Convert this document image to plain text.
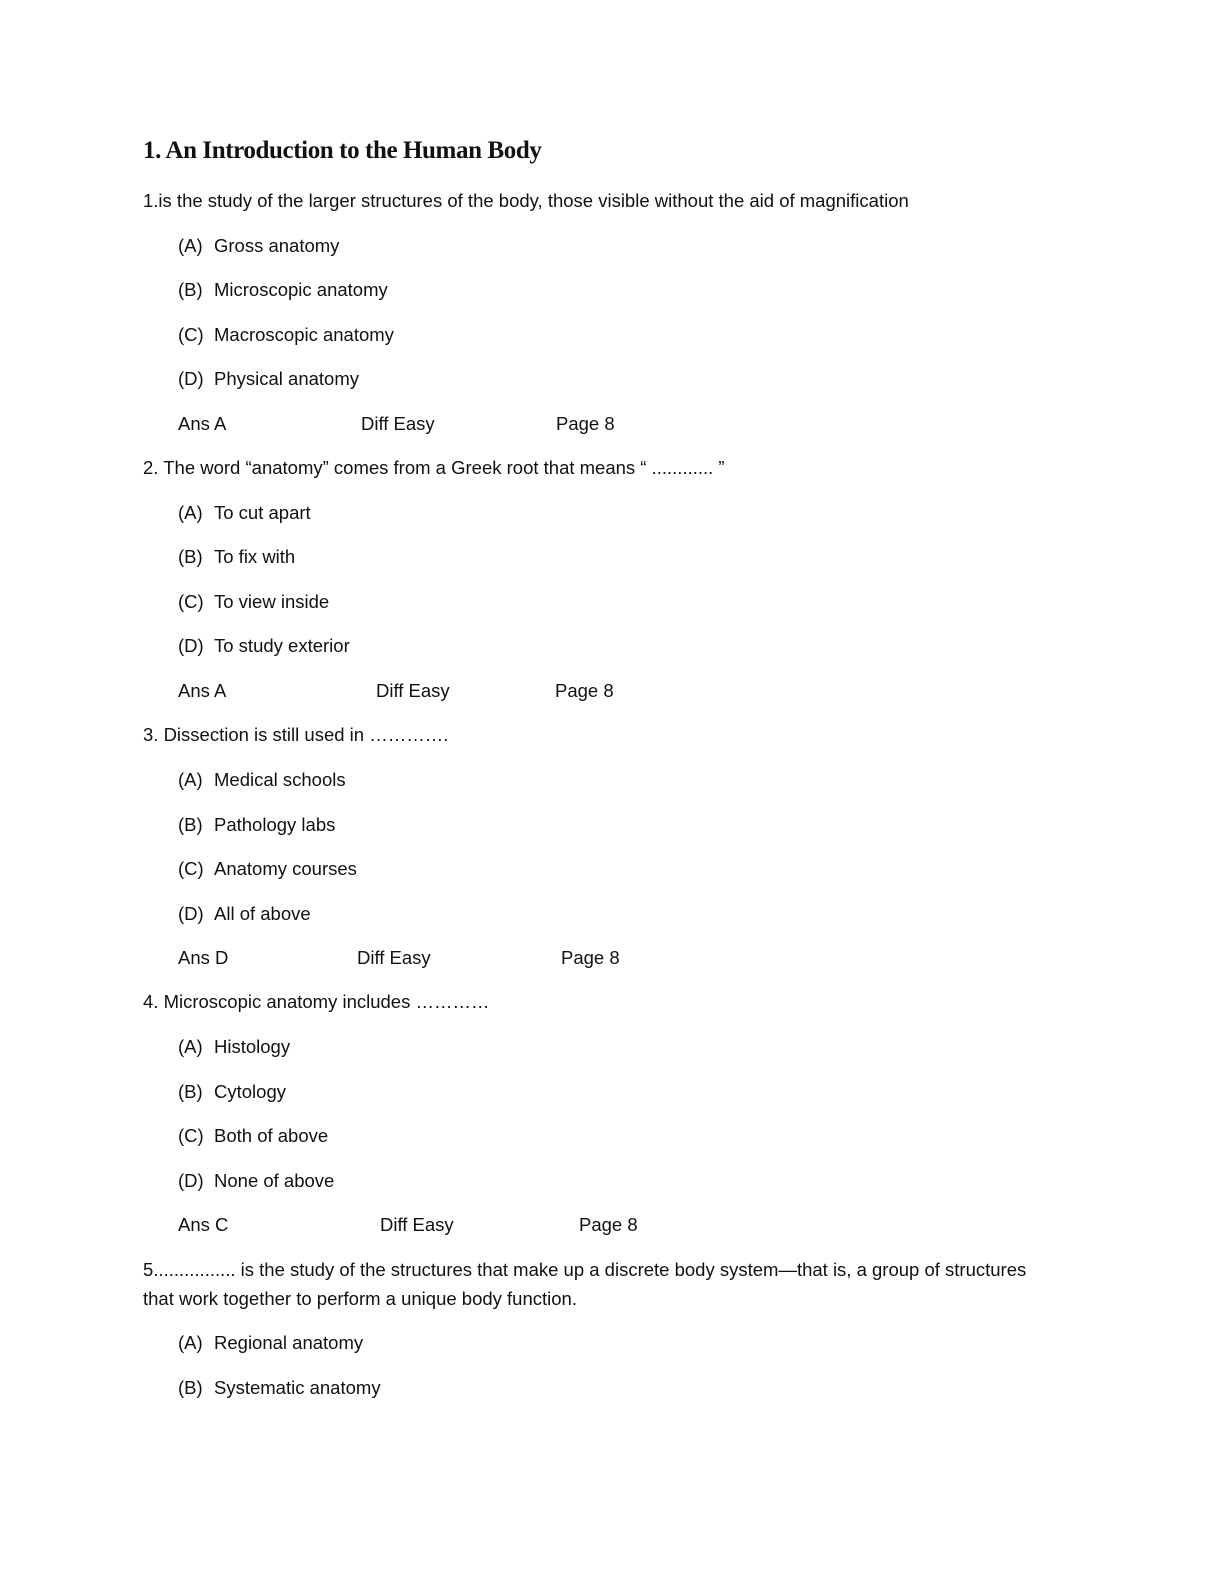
1. An Introduction to the Human Body
1.is the study of the larger structures of the body, those visible without the aid of magnification
(A) Gross anatomy
(B) Microscopic anatomy
(C) Macroscopic anatomy
(D) Physical anatomy
Ans A	Diff Easy	Page 8
2. The word “anatomy” comes from a Greek root that means “ ............ ”
(A) To cut apart
(B) To fix with
(C) To view inside
(D) To study exterior
Ans A	Diff Easy	Page 8
3. Dissection is still used in ………….
(A) Medical schools
(B) Pathology labs
(C) Anatomy courses
(D) All of above
Ans D	Diff Easy	Page 8
4. Microscopic anatomy includes …………
(A) Histology
(B) Cytology
(C) Both of above
(D) None of above
Ans C	Diff Easy	Page 8
5................ is the study of the structures that make up a discrete body system—that is, a group of structures that work together to perform a unique body function.
(A) Regional anatomy
(B) Systematic anatomy
